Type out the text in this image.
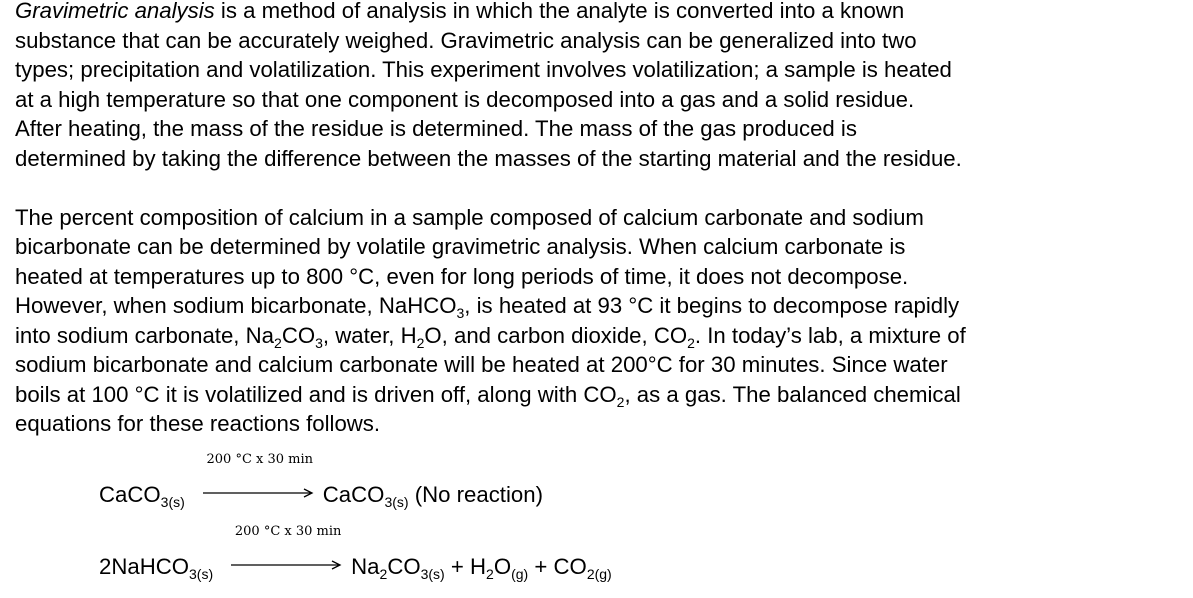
Gravimetric analysis is a method of analysis in which the analyte is converted into a known
substance that can be accurately weighed. Gravimetric analysis can be generalized into two
types; precipitation and volatilization. This experiment involves volatilization; a sample is heated
at a high temperature so that one component is decomposed into a gas and a solid residue.
After heating, the mass of the residue is determined. The mass of the gas produced is
determined by taking the difference between the masses of the starting material and the residue.

The percent composition of calcium in a sample composed of calcium carbonate and sodium
bicarbonate can be determined by volatile gravimetric analysis. When calcium carbonate is
heated at temperatures up to 800 °C, even for long periods of time, it does not decompose.
However, when sodium bicarbonate, NaHCO$_3$, is heated at 93 °C it begins to decompose rapidly
into sodium carbonate, $Na_2CO_3$, water, $H_2O$, and carbon dioxide, $CO_2$. In today’s lab, a mixture of
sodium bicarbonate and calcium carbonate will be heated at 200°C for 30 minutes. Since water
boils at 100 °C it is volatilized and is driven off, along with $CO_2$, as a gas. The balanced chemical
equations for these reactions follows.

CaCO$_{3(s)}$
200 °C x 30 min
CaCO$_{3(s)}$ (No reaction)
2NaHCO$_{3(s)}$
200 °C x 30 min
$Na_2CO_{3(s)} + H_2O_{(g)} + CO_{2(g)}$
